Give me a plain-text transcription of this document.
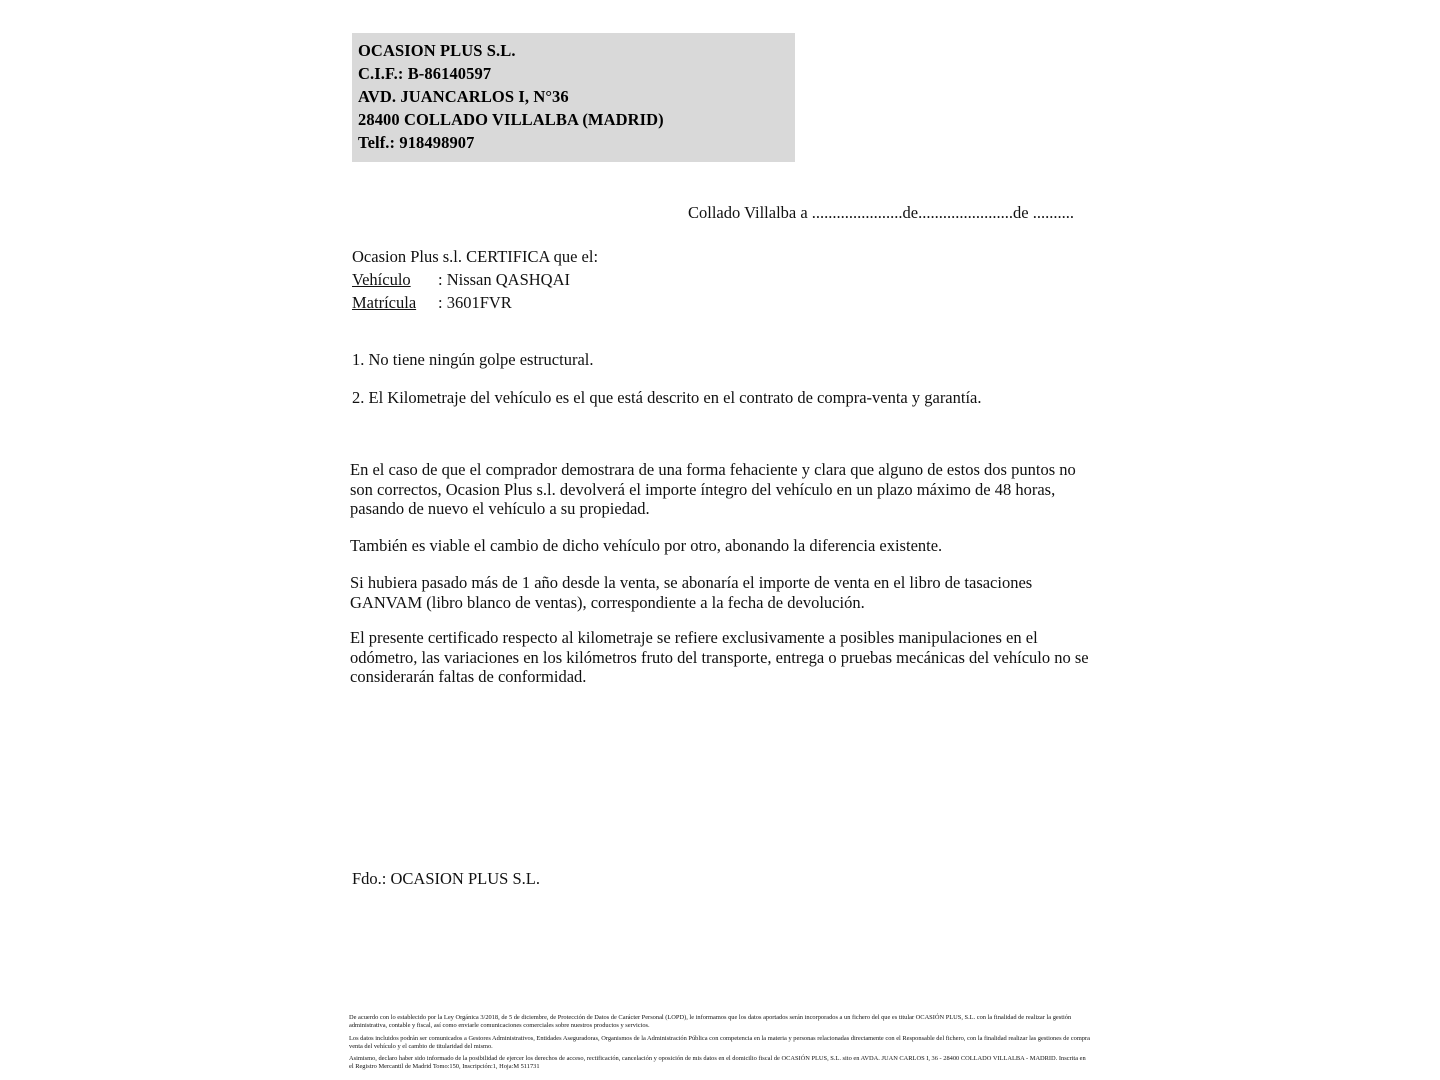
OCASION PLUS S.L.
C.I.F.: B-86140597
AVD. JUANCARLOS I, N°36
28400 COLLADO VILLALBA (MADRID)
Telf.: 918498907
Collado Villalba a ......................de.......................de ..........
Ocasion Plus s.l. CERTIFICA que el:
Vehículo : Nissan QASHQAI
Matrícula : 3601FVR
1. No tiene ningún golpe estructural.
2. El Kilometraje del vehículo es el que está descrito en el contrato de compra-venta y garantía.
En el caso de que el comprador demostrara de una forma fehaciente y clara que alguno de estos dos puntos no son correctos, Ocasion Plus s.l. devolverá el importe íntegro del vehículo en un plazo máximo de 48 horas, pasando de nuevo el vehículo a su propiedad.
También es viable el cambio de dicho vehículo por otro, abonando la diferencia existente.
Si hubiera pasado más de 1 año desde la venta, se abonaría el importe de venta en el libro de tasaciones GANVAM (libro blanco de ventas), correspondiente a la fecha de devolución.
El presente certificado respecto al kilometraje se refiere exclusivamente a posibles manipulaciones en el odómetro, las variaciones en los kilómetros fruto del transporte, entrega o pruebas mecánicas del vehículo no se considerarán faltas de conformidad.
Fdo.: OCASION PLUS S.L.

De acuerdo con lo establecido por la Ley Orgánica 3/2018, de 5 de diciembre, de Protección de Datos de Carácter Personal (LOPD), le informamos que los datos aportados serán incorporados a un fichero del que es titular OCASIÓN PLUS, S.L. con la finalidad de realizar la gestión administrativa, contable y fiscal, así como enviarle comunicaciones comerciales sobre nuestros productos y servicios.

Los datos incluidos podrán ser comunicados a Gestores Administrativos, Entidades Aseguradoras, Organismos de la Administración Pública con competencia en la materia y personas relacionadas directamente con el Responsable del fichero, con la finalidad realizar las gestiones de compra venta del vehículo y el cambio de titularidad del mismo.

Asimismo, declaro haber sido informado de la posibilidad de ejercer los derechos de acceso, rectificación, cancelación y oposición de mis datos en el domicilio fiscal de OCASIÓN PLUS, S.L. sito en AVDA. JUAN CARLOS I, 36 - 28400 COLLADO VILLALBA - MADRID. Inscrita en el Registro Mercantil de Madrid Tomo:150, Inscripción:1, Hoja:M 511731
